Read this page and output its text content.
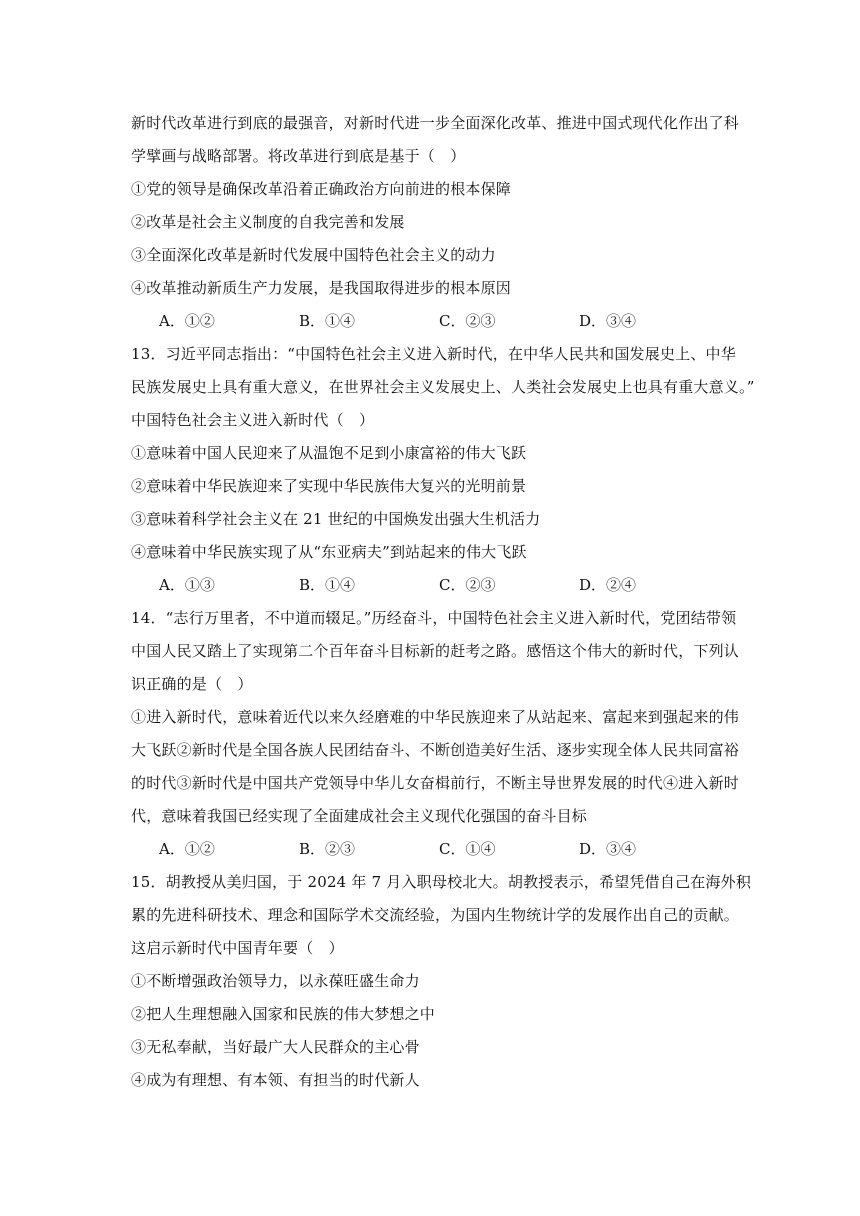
新时代改革进行到底的最强音，对新时代进一步全面深化改革、推进中国式现代化作出了科
学擘画与战略部署。将改革进行到底是基于（　）
①党的领导是确保改革沿着正确政治方向前进的根本保障
②改革是社会主义制度的自我完善和发展
③全面深化改革是新时代发展中国特色社会主义的动力
④改革推动新质生产力发展，是我国取得进步的根本原因
A．①②	B．①④	C．②③	D．③④
13．习近平同志指出：“中国特色社会主义进入新时代，在中华人民共和国发展史上、中华
民族发展史上具有重大意义，在世界社会主义发展史上、人类社会发展史上也具有重大意义。”
中国特色社会主义进入新时代（　）
①意味着中国人民迎来了从温饱不足到小康富裕的伟大飞跃
②意味着中华民族迎来了实现中华民族伟大复兴的光明前景
③意味着科学社会主义在 21 世纪的中国焕发出强大生机活力
④意味着中华民族实现了从“东亚病夫”到站起来的伟大飞跃
A．①③	B．①④	C．②③	D．②④
14．“志行万里者，不中道而辍足。”历经奋斗，中国特色社会主义进入新时代，党团结带领
中国人民又踏上了实现第二个百年奋斗目标新的赶考之路。感悟这个伟大的新时代，下列认
识正确的是（　）
①进入新时代，意味着近代以来久经磨难的中华民族迎来了从站起来、富起来到强起来的伟
大飞跃②新时代是全国各族人民团结奋斗、不断创造美好生活、逐步实现全体人民共同富裕
的时代③新时代是中国共产党领导中华儿女奋楫前行，不断主导世界发展的时代④进入新时
代，意味着我国已经实现了全面建成社会主义现代化强国的奋斗目标
A．①②	B．②③	C．①④	D．③④
15．胡教授从美归国，于 2024 年 7 月入职母校北大。胡教授表示，希望凭借自己在海外积
累的先进科研技术、理念和国际学术交流经验，为国内生物统计学的发展作出自己的贡献。
这启示新时代中国青年要（　）
①不断增强政治领导力，以永葆旺盛生命力
②把人生理想融入国家和民族的伟大梦想之中
③无私奉献，当好最广大人民群众的主心骨
④成为有理想、有本领、有担当的时代新人
